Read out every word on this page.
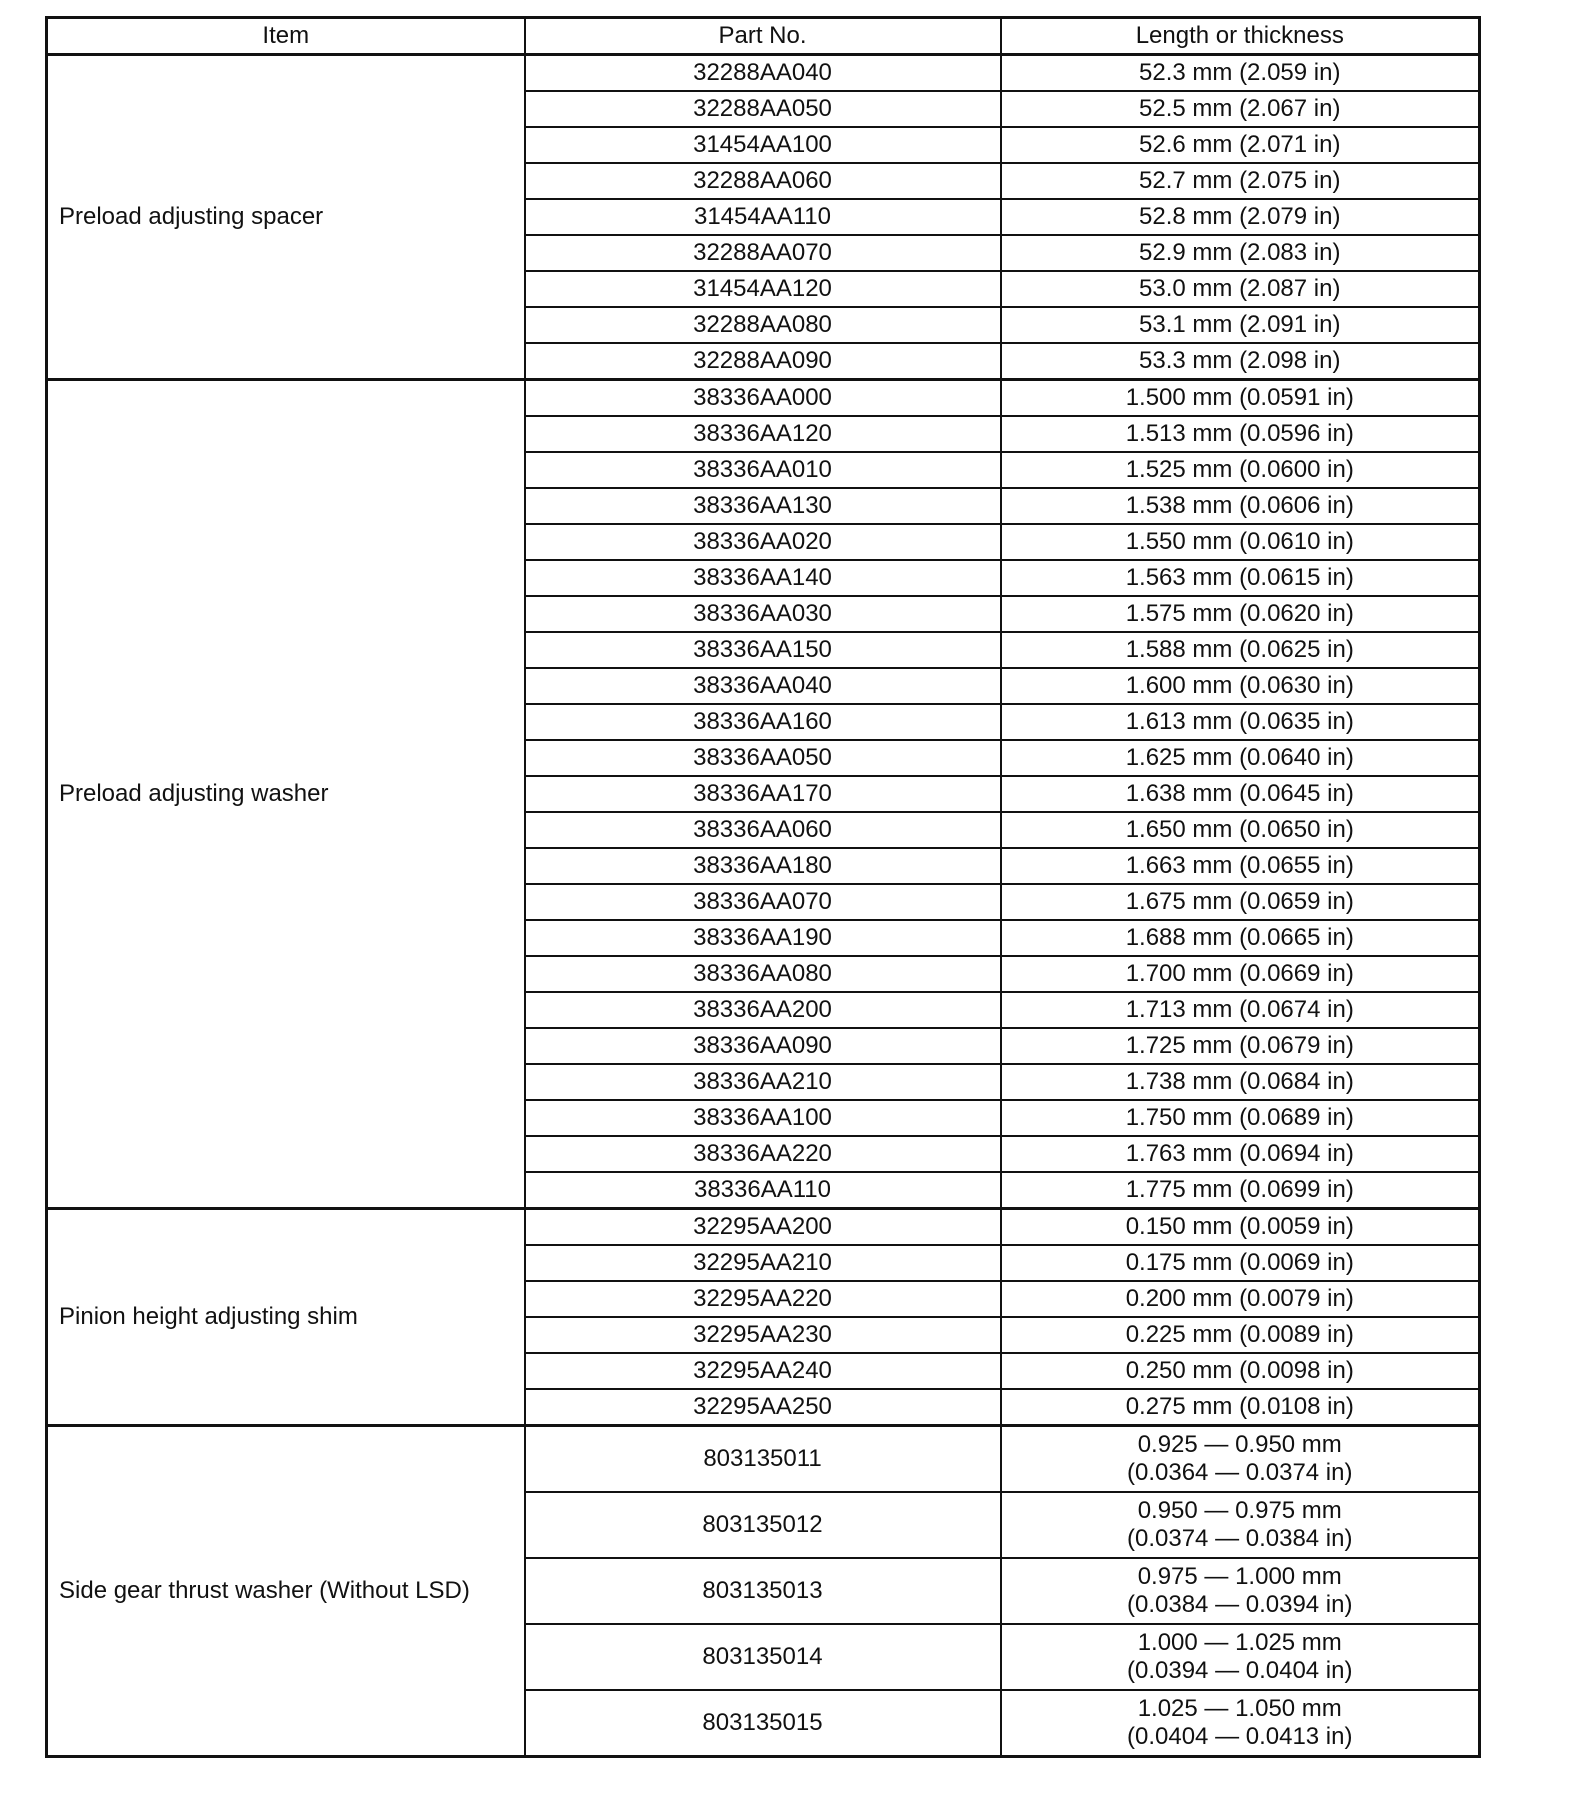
Item	Part No.	Length or thickness
Preload adjusting spacer	32288AA040	52.3 mm (2.059 in)
	32288AA050	52.5 mm (2.067 in)
	31454AA100	52.6 mm (2.071 in)
	32288AA060	52.7 mm (2.075 in)
	31454AA110	52.8 mm (2.079 in)
	32288AA070	52.9 mm (2.083 in)
	31454AA120	53.0 mm (2.087 in)
	32288AA080	53.1 mm (2.091 in)
	32288AA090	53.3 mm (2.098 in)
Preload adjusting washer	38336AA000	1.500 mm (0.0591 in)
	38336AA120	1.513 mm (0.0596 in)
	38336AA010	1.525 mm (0.0600 in)
	38336AA130	1.538 mm (0.0606 in)
	38336AA020	1.550 mm (0.0610 in)
	38336AA140	1.563 mm (0.0615 in)
	38336AA030	1.575 mm (0.0620 in)
	38336AA150	1.588 mm (0.0625 in)
	38336AA040	1.600 mm (0.0630 in)
	38336AA160	1.613 mm (0.0635 in)
	38336AA050	1.625 mm (0.0640 in)
	38336AA170	1.638 mm (0.0645 in)
	38336AA060	1.650 mm (0.0650 in)
	38336AA180	1.663 mm (0.0655 in)
	38336AA070	1.675 mm (0.0659 in)
	38336AA190	1.688 mm (0.0665 in)
	38336AA080	1.700 mm (0.0669 in)
	38336AA200	1.713 mm (0.0674 in)
	38336AA090	1.725 mm (0.0679 in)
	38336AA210	1.738 mm (0.0684 in)
	38336AA100	1.750 mm (0.0689 in)
	38336AA220	1.763 mm (0.0694 in)
	38336AA110	1.775 mm (0.0699 in)
Pinion height adjusting shim	32295AA200	0.150 mm (0.0059 in)
	32295AA210	0.175 mm (0.0069 in)
	32295AA220	0.200 mm (0.0079 in)
	32295AA230	0.225 mm (0.0089 in)
	32295AA240	0.250 mm (0.0098 in)
	32295AA250	0.275 mm (0.0108 in)
Side gear thrust washer (Without LSD)	803135011	0.925 — 0.950 mm
(0.0364 — 0.0374 in)

	803135012	0.950 — 0.975 mm
(0.0374 — 0.0384 in)

	803135013	0.975 — 1.000 mm
(0.0384 — 0.0394 in)

	803135014	1.000 — 1.025 mm
(0.0394 — 0.0404 in)

	803135015	1.025 — 1.050 mm
(0.0404 — 0.0413 in)
